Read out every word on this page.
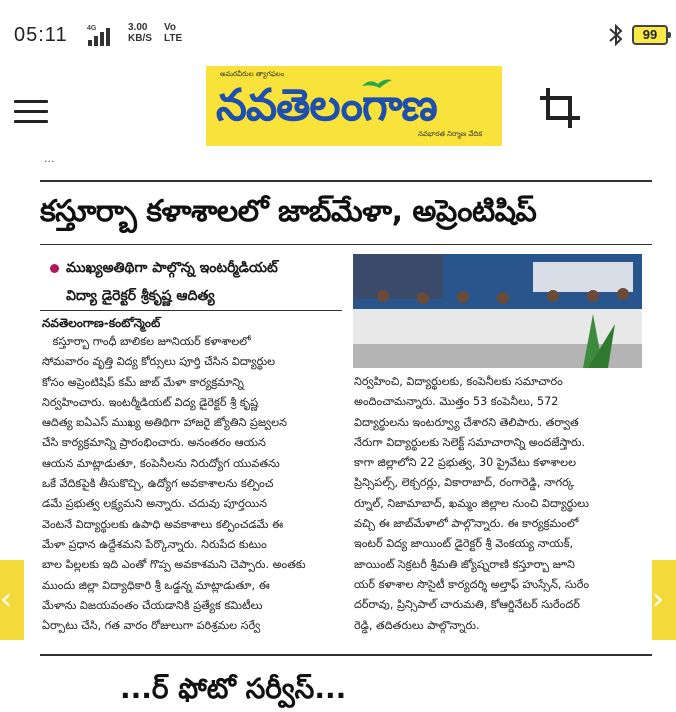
05:11	4G	3.00
KB/S
Vo
LTE	99
అమరవీరుల త్యాగఫలం
నవతెలంగాణ
నవభారత నిర్మాణ వేదిక
...
కస్తూర్బా కళాశాలలో జాబ్‌మేళా, అప్రెంటిషిప్
ముఖ్యఅతిథిగా పాల్గొన్న ఇంటర్మీడియట్
విద్యా డైరెక్టర్ శ్రీకృష్ణ ఆదిత్య
నవతెలంగాణ-కంటోన్మెంట్
కస్తూర్బా గాంధీ బాలికల జూనియర్ కళాశాలలో
సోమవారం వృత్తి విద్య కోర్సులు పూర్తి చేసిన విద్యార్థుల
కోసం అప్రెంటిషిప్ కమ్ జాబ్ మేళా కార్యక్రమాన్ని
నిర్వహించారు. ఇంటర్మీడియట్ విద్య డైరెక్టర్ శ్రీ కృష్ణ
ఆదిత్య ఐఏఎస్ ముఖ్య అతిథిగా హాజరై జ్యోతిని ప్రజ్వలన
చేసి కార్యక్రమాన్ని ప్రారంభించారు. అనంతరం ఆయన
ఆయన మాట్లాడుతూ, కంపెనీలను నిరుద్యోగ యువతను
ఒకే వేదికపైకి తీసుకొచ్చి, ఉద్యోగ అవకాశాలను కల్పించ
డమే ప్రభుత్వ లక్ష్యమని అన్నారు. చదువు పూర్తయిన
వెంటనే విద్యార్థులకు ఉపాధి అవకాశాలు కల్పించడమే ఈ
మేళా ప్రధాన ఉద్దేశమని పేర్కొన్నారు. నిరుపేద కుటుం
బాల పిల్లలకు ఇది ఎంతో గొప్ప అవకాశమని చెప్పారు. అంతకు
ముందు జిల్లా విద్యాధికారి శ్రీ ఒడ్డన్న మాట్లాడుతూ, ఈ
మేళాను విజయవంతం చేయడానికి ప్రత్యేక కమిటీలు
ఏర్పాటు చేసి, గత వారం రోజులుగా పరిశ్రమల సర్వే
నిర్వహించి, విద్యార్థులకు, కంపెనీలకు సమాచారం
అందించామన్నారు. మొత్తం 53 కంపెనీలు, 572
విద్యార్థులను ఇంటర్వ్యూ చేశారని తెలిపారు. తర్వాత
నేరుగా విద్యార్థులకు సెలెక్ట్ సమాచారాన్ని అందజేస్తారు.
కాగా జిల్లాలోని 22 ప్రభుత్వ, 30 ప్రైవేటు కళాశాలల
ప్రిన్సిపల్స్, లెక్చరర్లు, వికారాబాద్, రంగారెడ్డి, నాగర్క
ర్నూల్, నిజామాబాద్, ఖమ్మం జిల్లాల నుంచి విద్యార్థులు
వచ్చి ఈ జాబ్‌మేళాలో పాల్గొన్నారు. ఈ కార్యక్రమంలో
ఇంటర్ విద్య జాయింట్ డైరెక్టర్ శ్రీ వెంకయ్య నాయక్,
జాయింట్ సెక్రటరీ శ్రీమతి జ్యోష్నరాణి కస్తూర్బా జూని
యర్ కళాశాల సొసైటీ కార్యదర్శి అల్తాఫ్ హుస్సేన్, సురేం
దర్‌రావు, ప్రిన్సిపాల్ చారుమతి, కోఆర్డినేటర్ సురేందర్
రెడ్డి, తదితరులు పాల్గొన్నారు.
...ర్ ఫోటో సర్వీస్...
‹	›
